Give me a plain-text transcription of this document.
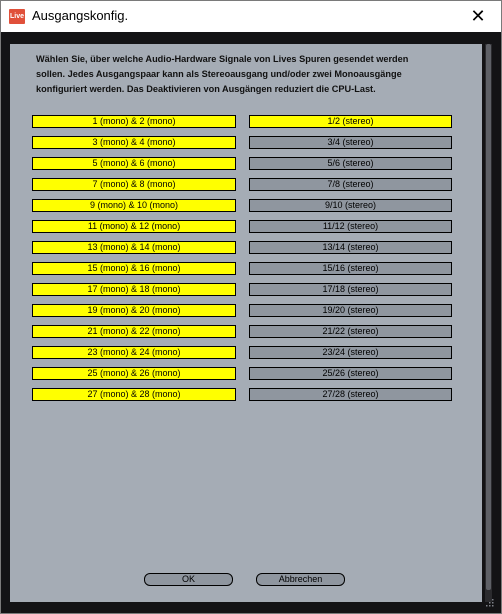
Live Ausgangskonfig.	✕
Wählen Sie, über welche Audio-Hardware Signale von Lives Spuren gesendet werden
sollen. Jedes Ausgangspaar kann als Stereoausgang und/oder zwei Monoausgänge
konfiguriert werden. Das Deaktivieren von Ausgängen reduziert die CPU-Last.
1 (mono) & 2 (mono)	1/2 (stereo)
3 (mono) & 4 (mono)	3/4 (stereo)
5 (mono) & 6 (mono)	5/6 (stereo)
7 (mono) & 8 (mono)	7/8 (stereo)
9 (mono) & 10 (mono)	9/10 (stereo)
11 (mono) & 12 (mono)	11/12 (stereo)
13 (mono) & 14 (mono)	13/14 (stereo)
15 (mono) & 16 (mono)	15/16 (stereo)
17 (mono) & 18 (mono)	17/18 (stereo)
19 (mono) & 20 (mono)	19/20 (stereo)
21 (mono) & 22 (mono)	21/22 (stereo)
23 (mono) & 24 (mono)	23/24 (stereo)
25 (mono) & 26 (mono)	25/26 (stereo)
27 (mono) & 28 (mono)	27/28 (stereo)
OK	Abbrechen
